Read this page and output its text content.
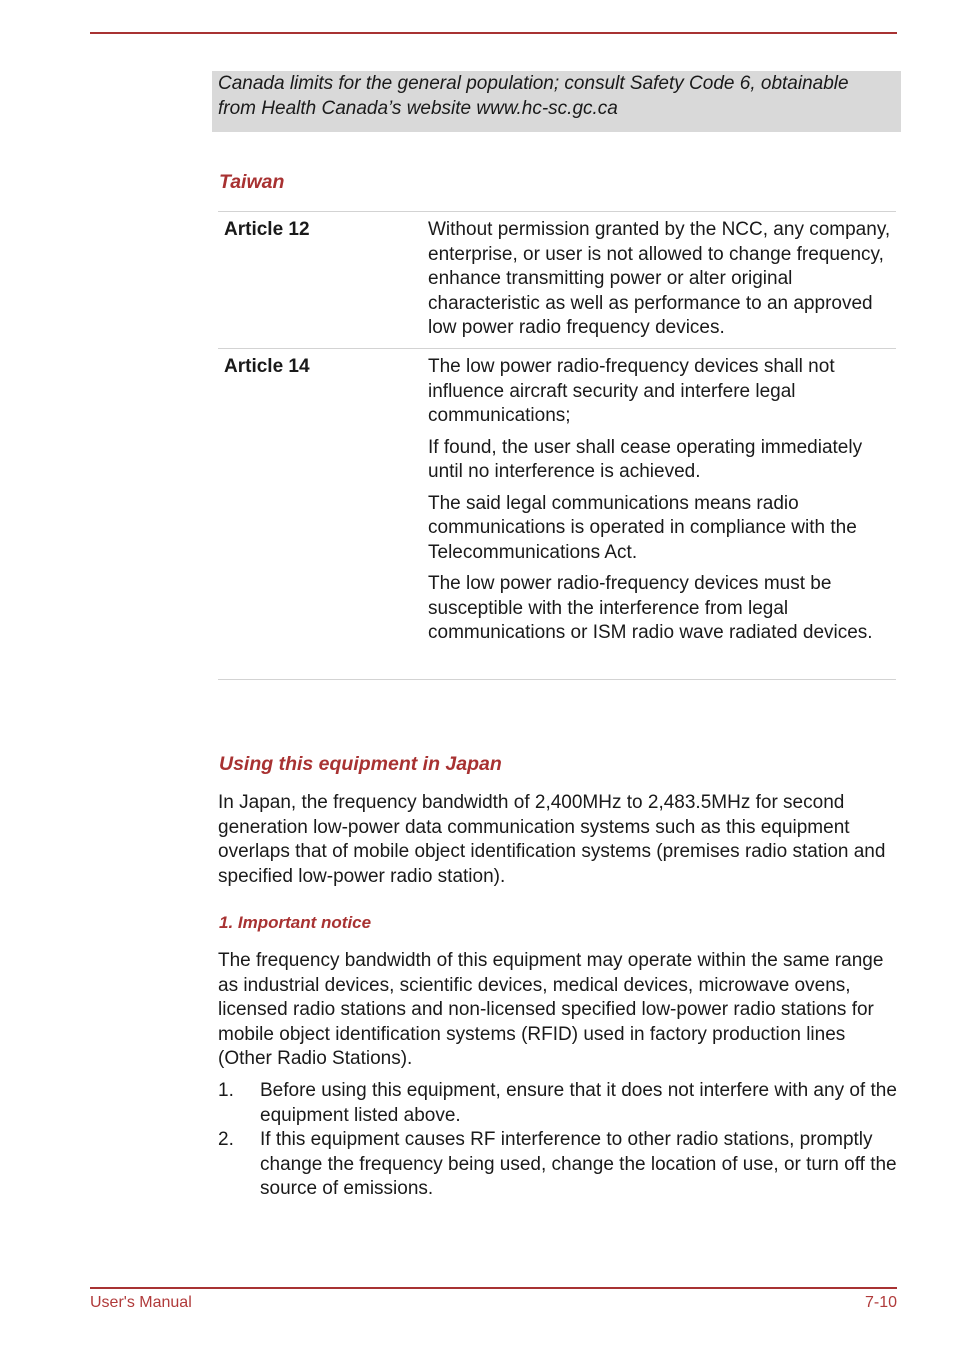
Canada limits for the general population; consult Safety Code 6, obtainable

from Health Canada’s website www.hc-sc.gc.ca

Taiwan
Article 12	Without permission granted by the NCC, any company, enterprise, or user is not allowed to change frequency, enhance transmitting power or alter original characteristic as well as performance to an approved low power radio frequency devices.

Article 14	The low power radio-frequency devices shall not influence aircraft security and interfere legal communications;

If found, the user shall cease operating immediately until no interference is achieved.

The said legal communications means radio communications is operated in compliance with the Telecommunications Act.

The low power radio-frequency devices must be susceptible with the interference from legal communications or ISM radio wave radiated devices.

Using this equipment in Japan

In Japan, the frequency bandwidth of 2,400MHz to 2,483.5MHz for second generation low-power data communication systems such as this equipment overlaps that of mobile object identification systems (premises radio station and specified low-power radio station).

1. Important notice

The frequency bandwidth of this equipment may operate within the same range as industrial devices, scientific devices, medical devices, microwave ovens, licensed radio stations and non-licensed specified low-power radio stations for mobile object identification systems (RFID) used in factory production lines (Other Radio Stations).

1.	Before using this equipment, ensure that it does not interfere with any of the equipment listed above.
2.	If this equipment causes RF interference to other radio stations, promptly change the frequency being used, change the location of use, or turn off the source of emissions.
User's Manual	7-10
